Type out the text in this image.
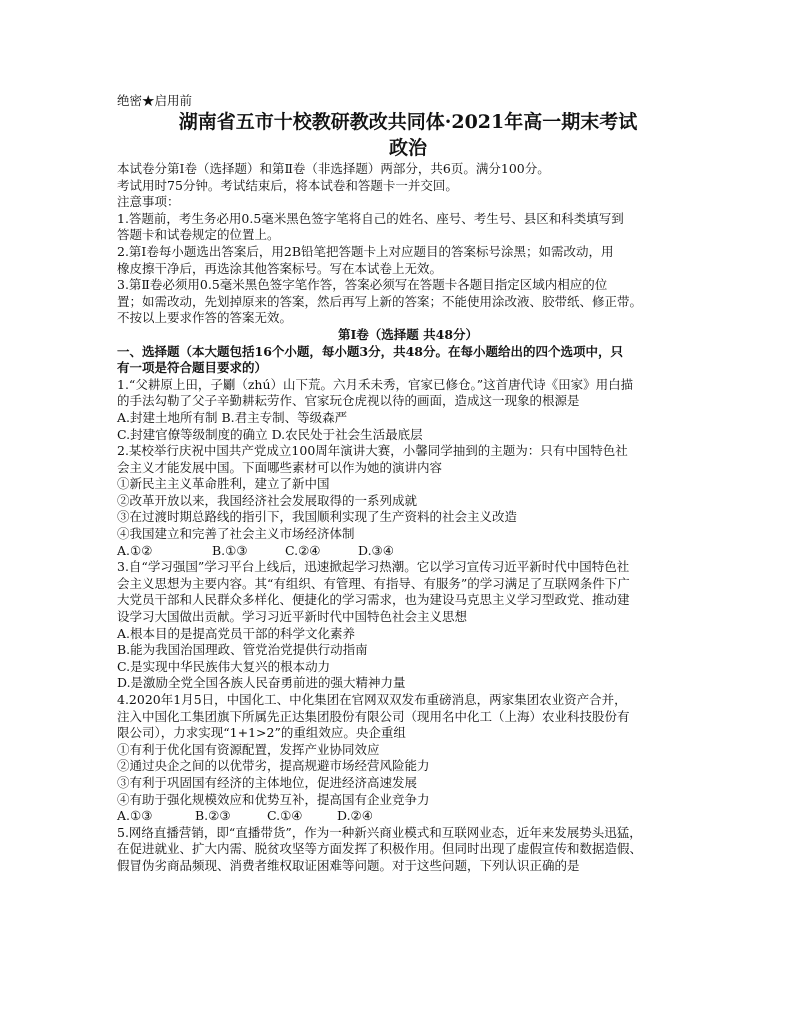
绝密★启用前
湖南省五市十校教研教改共同体·2021年高一期末考试
政治
本试卷分第Ⅰ卷（选择题）和第Ⅱ卷（非选择题）两部分，共6页。满分100分。
考试用时75分钟。考试结束后，将本试卷和答题卡一并交回。
注意事项：
1.答题前，考生务必用0.5毫米黑色签字笔将自己的姓名、座号、考生号、县区和科类填写到
答题卡和试卷规定的位置上。
2.第Ⅰ卷每小题选出答案后，用2B铅笔把答题卡上对应题目的答案标号涂黑；如需改动，用
橡皮擦干净后，再选涂其他答案标号。写在本试卷上无效。
3.第Ⅱ卷必须用0.5毫米黑色签字笔作答，答案必须写在答题卡各题目指定区域内相应的位
置；如需改动，先划掉原来的答案，然后再写上新的答案；不能使用涂改液、胶带纸、修正带。
不按以上要求作答的答案无效。
第Ⅰ卷（选择题 共48分）
一、选择题（本大题包括16个小题，每小题3分，共48分。在每小题给出的四个选项中，只
有一项是符合题目要求的）
1.“父耕原上田，子劚（zhú）山下荒。六月禾未秀，官家已修仓。”这首唐代诗《田家》用白描
的手法勾勒了父子辛勤耕耘劳作、官家玩仓虎视以待的画面，造成这一现象的根源是
A.封建土地所有制 B.君主专制、等级森严
C.封建官僚等级制度的确立 D.农民处于社会生活最底层
2.某校举行庆祝中国共产党成立100周年演讲大赛，小馨同学抽到的主题为：只有中国特色社
会主义才能发展中国。下面哪些素材可以作为她的演讲内容
①新民主主义革命胜利，建立了新中国
②改革开放以来，我国经济社会发展取得的一系列成就
③在过渡时期总路线的指引下，我国顺利实现了生产资料的社会主义改造
④我国建立和完善了社会主义市场经济体制
A.①②	B.①③	C.②④	D.③④
3.自“学习强国”学习平台上线后，迅速掀起学习热潮。它以学习宣传习近平新时代中国特色社
会主义思想为主要内容。其“有组织、有管理、有指导、有服务”的学习满足了互联网条件下广
大党员干部和人民群众多样化、便捷化的学习需求，也为建设马克思主义学习型政党、推动建
设学习大国做出贡献。学习习近平新时代中国特色社会主义思想
A.根本目的是提高党员干部的科学文化素养
B.能为我国治国理政、管党治党提供行动指南
C.是实现中华民族伟大复兴的根本动力
D.是激励全党全国各族人民奋勇前进的强大精神力量
4.2020年1月5日，中国化工、中化集团在官网双双发布重磅消息，两家集团农业资产合并，
注入中国化工集团旗下所属先正达集团股份有限公司（现用名中化工（上海）农业科技股份有
限公司），力求实现“1+1>2”的重组效应。央企重组
①有利于优化国有资源配置，发挥产业协同效应
②通过央企之间的以优带劣，提高规避市场经营风险能力
③有利于巩固国有经济的主体地位，促进经济高速发展
④有助于强化规模效应和优势互补，提高国有企业竞争力
A.①③	B.②③	C.①④	D.②④
5.网络直播营销，即“直播带货”，作为一种新兴商业模式和互联网业态，近年来发展势头迅猛，
在促进就业、扩大内需、脱贫攻坚等方面发挥了积极作用。但同时出现了虚假宣传和数据造假、
假冒伪劣商品频现、消费者维权取证困难等问题。对于这些问题，下列认识正确的是
